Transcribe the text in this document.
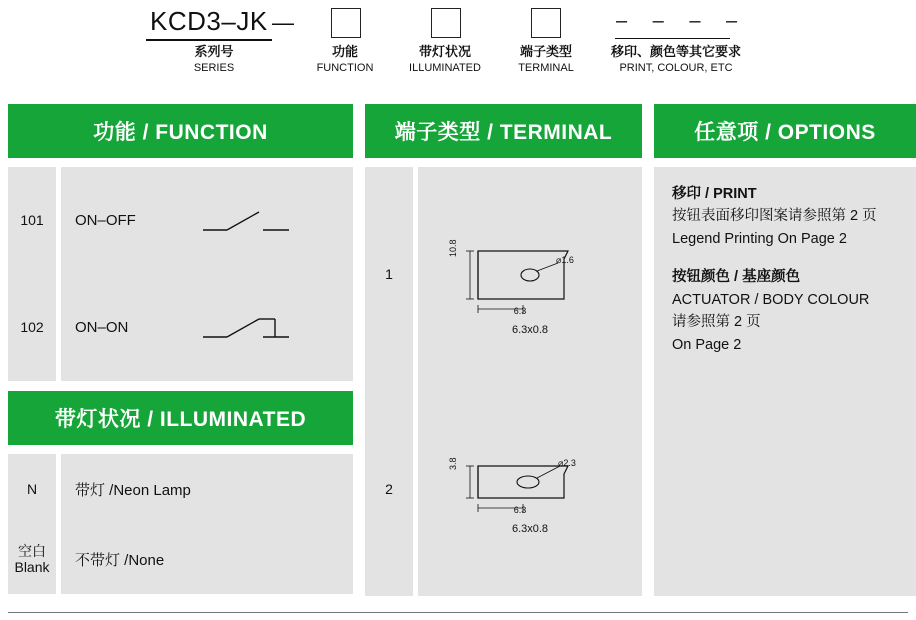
KCD3–JK —	– – – –
系列号
SERIES
功能
FUNCTION
带灯状况
ILLUMINATED
端子类型
TERMINAL
移印、颜色等其它要求
PRINT, COLOUR, ETC
功能 / FUNCTION
101
102
ON–OFF
ON–ON
带灯状况 / ILLUMINATED
N
空白
Blank
带灯 /Neon Lamp
不带灯 /None
端子类型 / TERMINAL
1
2
6.3
10.8
⌀1.6
6.3x0.8
6.3
3.8	⌀2.3
6.3x0.8
任意项 / OPTIONS
移印 / PRINT
按钮表面移印图案请参照第 2 页
Legend Printing On Page 2
按钮颜色 / 基座颜色
ACTUATOR / BODY COLOUR
请参照第 2 页
On Page 2
